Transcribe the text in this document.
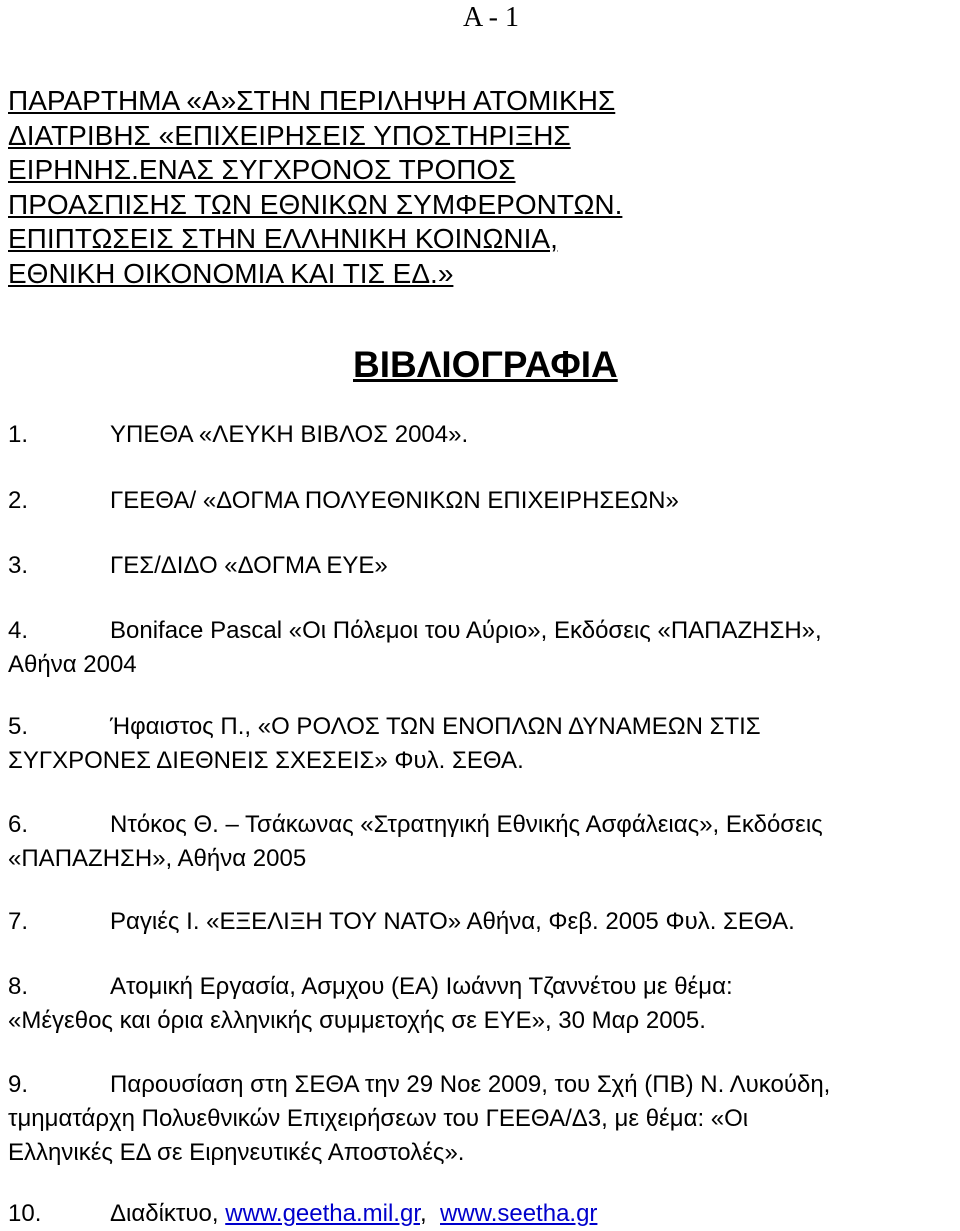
A - 1
ΠΑΡΑΡΤΗΜΑ «Α»ΣΤΗΝ ΠΕΡΙΛΗΨΗ ΑΤΟΜΙΚΗΣ
ΔΙΑΤΡΙΒΗΣ «ΕΠΙΧΕΙΡΗΣΕΙΣ ΥΠΟΣΤΗΡΙΞΗΣ
ΕΙΡΗΝΗΣ.ΕΝΑΣ ΣΥΓΧΡΟΝΟΣ ΤΡΟΠΟΣ
ΠΡΟΑΣΠΙΣΗΣ ΤΩΝ ΕΘΝΙΚΩΝ ΣΥΜΦΕΡΟΝΤΩΝ.
ΕΠΙΠΤΩΣΕΙΣ ΣΤΗΝ ΕΛΛΗΝΙΚΗ ΚΟΙΝΩΝΙΑ,
ΕΘΝΙΚΗ ΟΙΚΟΝΟΜΙΑ ΚΑΙ ΤΙΣ ΕΔ.»
ΒΙΒΛΙΟΓΡΑΦΙΑ
1.	ΥΠΕΘΑ «ΛΕΥΚΗ ΒΙΒΛΟΣ 2004».
2.	ΓΕΕΘΑ/ «ΔΟΓΜΑ ΠΟΛΥΕΘΝΙΚΩΝ ΕΠΙΧΕΙΡΗΣΕΩΝ»
3.	ΓΕΣ/ΔΙΔΟ «ΔΟΓΜΑ ΕΥΕ»
4.	Boniface Pascal «Οι Πόλεμοι του Αύριο», Εκδόσεις «ΠΑΠΑΖΗΣΗ»,
Αθήνα 2004
5.	Ήφαιστος Π., «Ο ΡΟΛΟΣ ΤΩΝ ΕΝΟΠΛΩΝ ΔΥΝΑΜΕΩΝ ΣΤΙΣ
ΣΥΓΧΡΟΝΕΣ ΔΙΕΘΝΕΙΣ ΣΧΕΣΕΙΣ» Φυλ. ΣΕΘΑ.
6.	Ντόκος Θ. – Τσάκωνας «Στρατηγική Εθνικής Ασφάλειας», Εκδόσεις
«ΠΑΠΑΖΗΣΗ», Αθήνα 2005
7.	Ραγιές Ι. «ΕΞΕΛΙΞΗ ΤΟΥ ΝΑΤΟ» Αθήνα, Φεβ. 2005 Φυλ. ΣΕΘΑ.
8.	Ατομική Εργασία, Ασμχου (ΕΑ) Ιωάννη Τζαννέτου με θέμα:
«Μέγεθος και όρια ελληνικής συμμετοχής σε ΕΥΕ», 30 Μαρ 2005.
9.	Παρουσίαση στη ΣΕΘΑ την 29 Νοε 2009, του Σχή (ΠΒ) Ν. Λυκούδη,
τμηματάρχη Πολυεθνικών Επιχειρήσεων του ΓΕΕΘΑ/Δ3, με θέμα: «Οι
Ελληνικές ΕΔ σε Ειρηνευτικές Αποστολές».
10.	Διαδίκτυο, www.geetha.mil.gr, www.seetha.gr
